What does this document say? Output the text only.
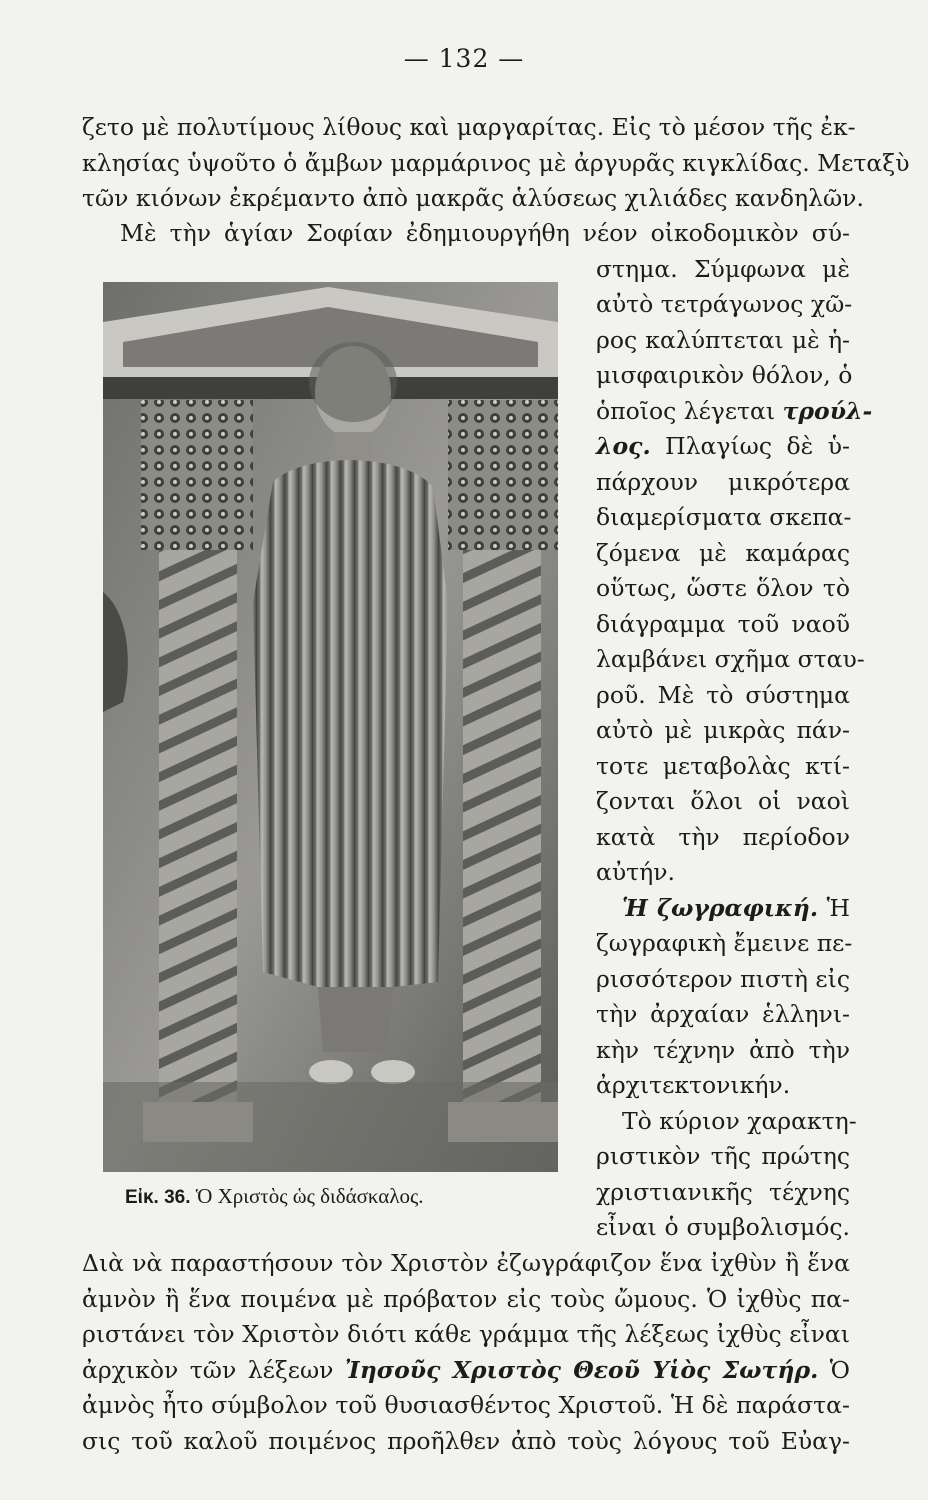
— 132 —
ζετο μὲ πολυτίμους λίθους καὶ μαργαρίτας. Εἰς τὸ μέσον τῆς ἐκ-
κλησίας ὑψοῦτο ὁ ἄμβων μαρμάρινος μὲ ἀργυρᾶς κιγκλίδας. Μεταξὺ
τῶν κιόνων ἐκρέμαντο ἀπὸ μακρᾶς ἁλύσεως χιλιάδες κανδηλῶν.
Μὲ τὴν ἁγίαν Σοφίαν ἐδημιουργήθη νέον οἰκοδομικὸν σύ-
στημα. Σύμφωνα μὲ
αὐτὸ τετράγωνος χῶ-
ρος καλύπτεται μὲ ἡ-
μισφαιρικὸν θόλον, ὁ
ὁποῖος λέγεται τρούλ-
λος. Πλαγίως δὲ ὑ-
πάρχουν μικρότερα
διαμερίσματα σκεπα-
ζόμενα μὲ καμάρας
οὕτως, ὥστε ὅλον τὸ
διάγραμμα τοῦ ναοῦ
λαμβάνει σχῆμα σταυ-
ροῦ. Μὲ τὸ σύστημα
αὐτὸ μὲ μικρὰς πάν-
τοτε μεταβολὰς κτί-
ζονται ὅλοι οἱ ναοὶ
κατὰ τὴν περίοδον
αὐτήν.
Ἡ ζωγραφική. Ἡ
ζωγραφικὴ ἔμεινε πε-
ρισσότερον πιστὴ εἰς
τὴν ἀρχαίαν ἑλληνι-
κὴν τέχνην ἀπὸ τὴν
ἀρχιτεκτονικήν.
Τὸ κύριον χαρακτη-
ριστικὸν τῆς πρώτης
χριστιανικῆς τέχνης
εἶναι ὁ συμβολισμός.
Εἰκ. 36. Ὁ Χριστὸς ὡς διδάσκαλος.
Διὰ νὰ παραστήσουν τὸν Χριστὸν ἐζωγράφιζον ἕνα ἰχθὺν ἢ ἕνα
ἀμνὸν ἢ ἕνα ποιμένα μὲ πρόβατον εἰς τοὺς ὤμους. Ὁ ἰχθὺς πα-
ριστάνει τὸν Χριστὸν διότι κάθε γράμμα τῆς λέξεως ἰχθὺς εἶναι
ἀρχικὸν τῶν λέξεων Ἰησοῦς Χριστὸς Θεοῦ Υἱὸς Σωτήρ. Ὁ
ἀμνὸς ἦτο σύμβολον τοῦ θυσιασθέντος Χριστοῦ. Ἡ δὲ παράστα-
σις τοῦ καλοῦ ποιμένος προῆλθεν ἀπὸ τοὺς λόγους τοῦ Εὐαγ-
